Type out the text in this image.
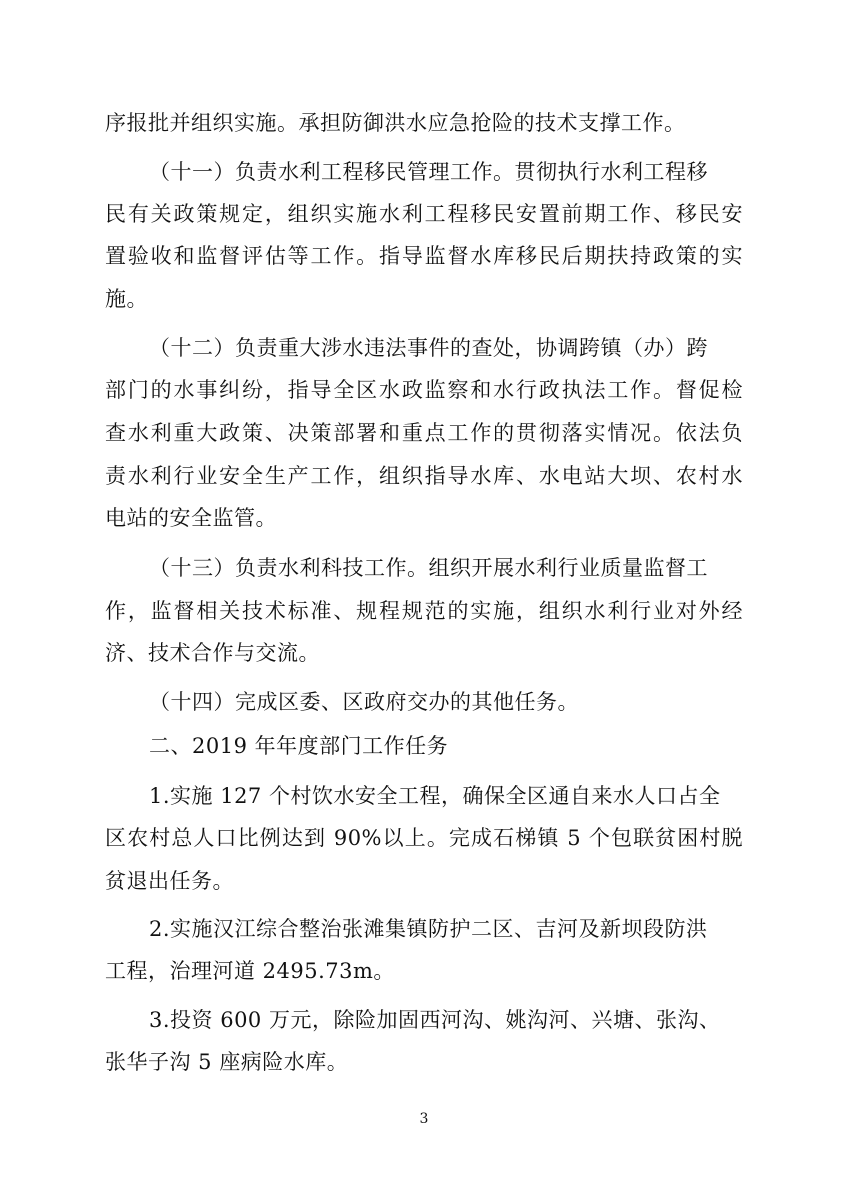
序报批并组织实施。承担防御洪水应急抢险的技术支撑工作。
（十一）负责水利工程移民管理工作。贯彻执行水利工程移
民有关政策规定，组织实施水利工程移民安置前期工作、移民安
置验收和监督评估等工作。指导监督水库移民后期扶持政策的实
施。
（十二）负责重大涉水违法事件的查处，协调跨镇（办）跨
部门的水事纠纷，指导全区水政监察和水行政执法工作。督促检
查水利重大政策、决策部署和重点工作的贯彻落实情况。依法负
责水利行业安全生产工作，组织指导水库、水电站大坝、农村水
电站的安全监管。
（十三）负责水利科技工作。组织开展水利行业质量监督工
作，监督相关技术标准、规程规范的实施，组织水利行业对外经
济、技术合作与交流。
（十四）完成区委、区政府交办的其他任务。
二、2019 年年度部门工作任务
1.实施 127 个村饮水安全工程，确保全区通自来水人口占全
区农村总人口比例达到 90%以上。完成石梯镇 5 个包联贫困村脱
贫退出任务。
2.实施汉江综合整治张滩集镇防护二区、吉河及新坝段防洪
工程，治理河道 2495.73m。
3.投资 600 万元，除险加固西河沟、姚沟河、兴塘、张沟、
张华子沟 5 座病险水库。
3
